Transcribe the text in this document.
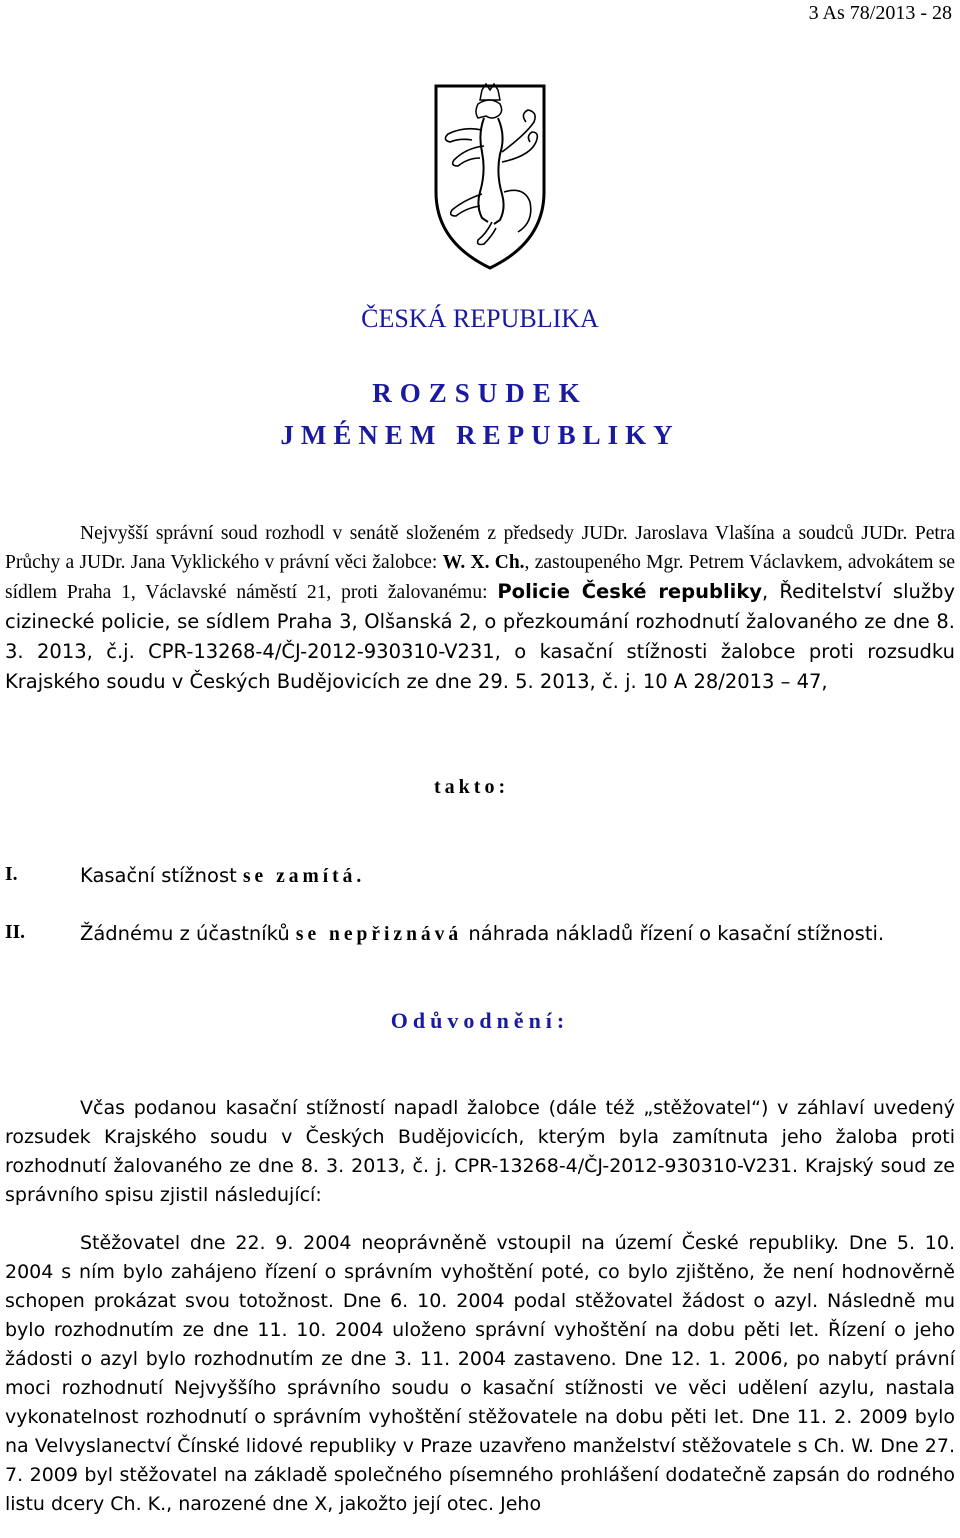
3 As 78/2013 - 28
ČESKÁ REPUBLIKA
ROZSUDEK
JMÉNEM REPUBLIKY

Nejvyšší správní soud rozhodl v senátě složeném z předsedy JUDr. Jaroslava Vlašína a soudců JUDr. Petra Průchy a JUDr. Jana Vyklického v právní věci žalobce: W. X. Ch., zastoupeného Mgr. Petrem Václavkem, advokátem se sídlem Praha 1, Václavské náměstí 21, proti žalovanému: Policie České republiky, Ředitelství služby cizinecké policie, se sídlem Praha 3, Olšanská 2, o přezkoumání rozhodnutí žalovaného ze dne 8. 3. 2013, č.j. CPR-13268-4/ČJ-2012-930310-V231, o kasační stížnosti žalobce proti rozsudku Krajského soudu v Českých Budějovicích ze dne 29. 5. 2013, č. j. 10 A 28/2013 – 47,

takto:
I.	Kasační stížnost se zamítá.
II.	Žádnému z účastníků se nepřiznává náhrada nákladů řízení o kasační stížnosti.
Odůvodnění:

Včas podanou kasační stížností napadl žalobce (dále též „stěžovatel“) v záhlaví uvedený rozsudek Krajského soudu v Českých Budějovicích, kterým byla zamítnuta jeho žaloba proti rozhodnutí žalovaného ze dne 8. 3. 2013, č. j. CPR-13268-4/ČJ-2012-930310-V231. Krajský soud ze správního spisu zjistil následující:

Stěžovatel dne 22. 9. 2004 neoprávněně vstoupil na území České republiky. Dne 5. 10. 2004 s ním bylo zahájeno řízení o správním vyhoštění poté, co bylo zjištěno, že není hodnověrně schopen prokázat svou totožnost. Dne 6. 10. 2004 podal stěžovatel žádost o azyl. Následně mu bylo rozhodnutím ze dne 11. 10. 2004 uloženo správní vyhoštění na dobu pěti let. Řízení o jeho žádosti o azyl bylo rozhodnutím ze dne 3. 11. 2004 zastaveno. Dne 12. 1. 2006, po nabytí právní moci rozhodnutí Nejvyššího správního soudu o kasační stížnosti ve věci udělení azylu, nastala vykonatelnost rozhodnutí o správním vyhoštění stěžovatele na dobu pěti let. Dne 11. 2. 2009 bylo na Velvyslanectví Čínské lidové republiky v Praze uzavřeno manželství stěžovatele s Ch. W. Dne 27. 7. 2009 byl stěžovatel na základě společného písemného prohlášení dodatečně zapsán do rodného listu dcery Ch. K., narozené dne X, jakožto její otec. Jeho
